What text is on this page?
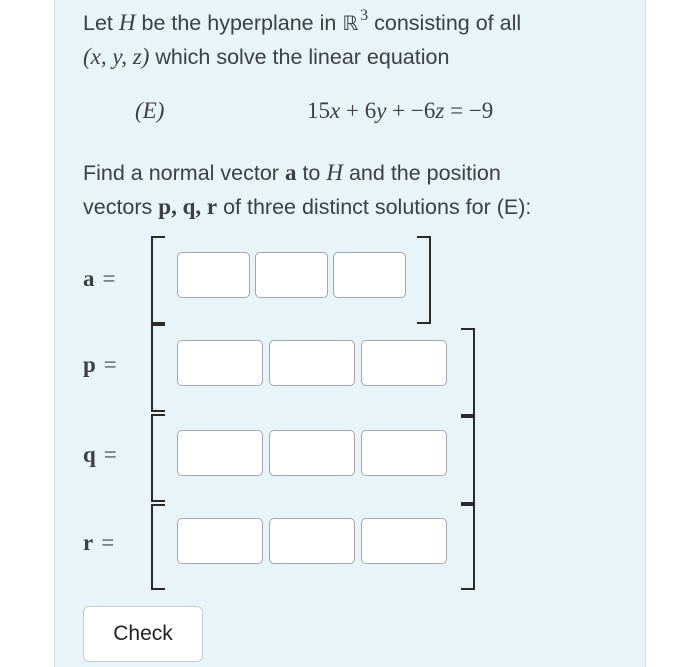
Let H be the hyperplane in ℝ $^3$ consisting of all
(x, y, z) which solve the linear equation
(E)	15x + 6y + −6z = −9
Find a normal vector a to H and the position
vectors p, q, r of three distinct solutions for (E):
a =
p =
q =
r =
Check
